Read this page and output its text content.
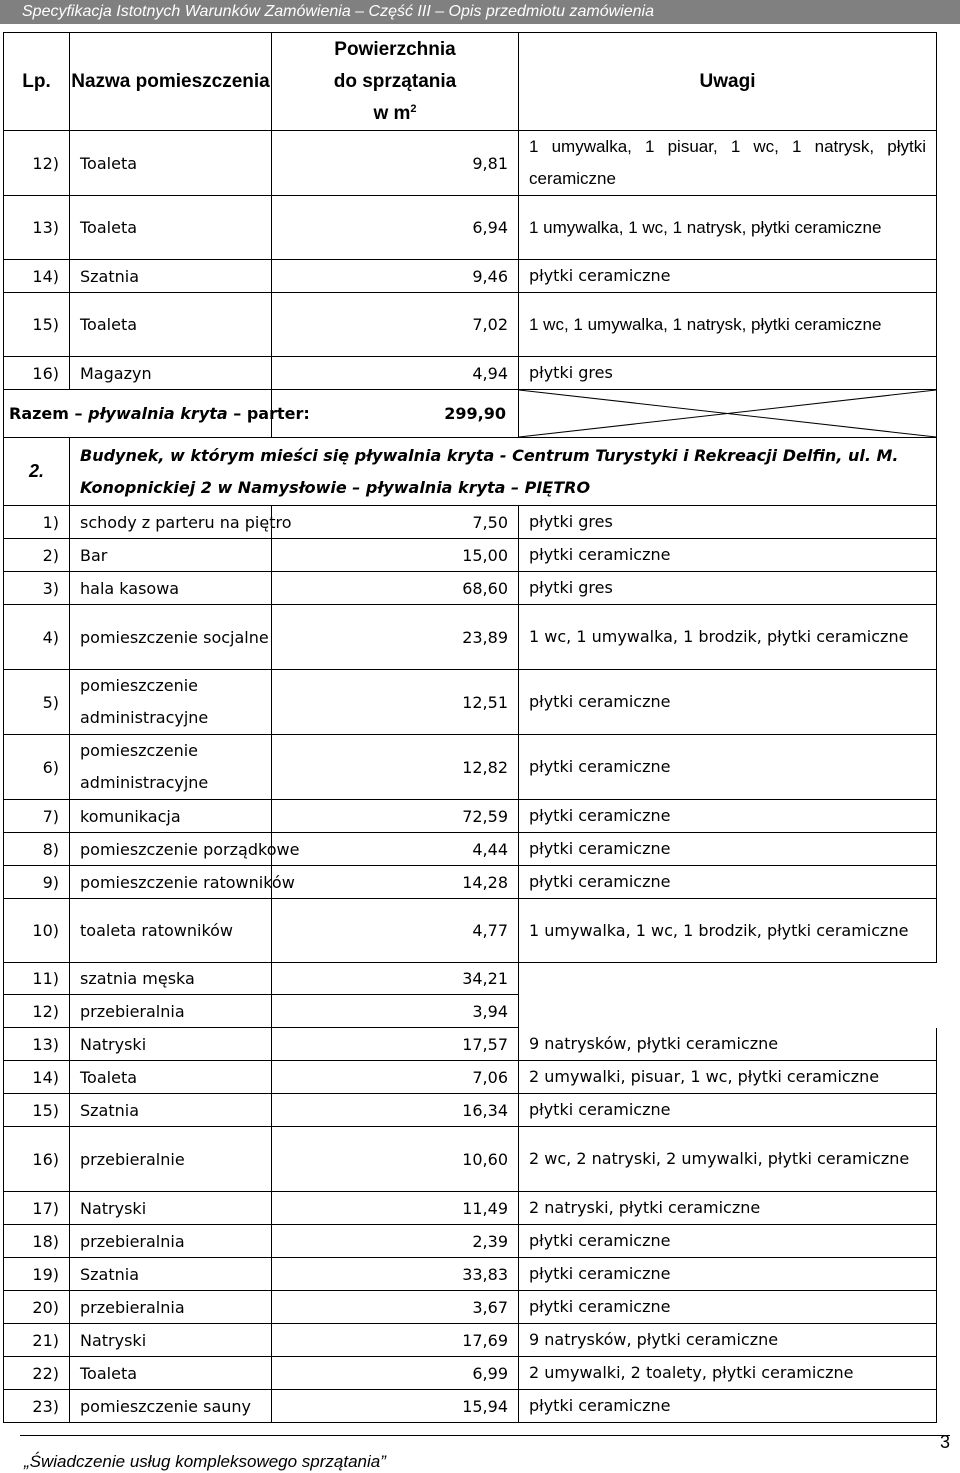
Specyfikacja Istotnych Warunków Zamówienia – Część III – Opis przedmiotu zamówienia
Lp.	Nazwa pomieszczenia	Powierzchnia
do sprzątania
w $m^2$	Uwagi
12)	Toaleta	9,81	1 umywalka, 1 pisuar, 1 wc, 1 natrysk, płytki ceramiczne
13)	Toaleta	6,94	1 umywalka, 1 wc, 1 natrysk, płytki ceramiczne
14)	Szatnia	9,46	płytki ceramiczne
15)	Toaleta	7,02	1 wc, 1 umywalka, 1 natrysk, płytki ceramiczne
16)	Magazyn	4,94	płytki gres
Razem – pływalnia kryta – parter:		299,90	

2.	Budynek, w którym mieści się pływalnia kryta - Centrum Turystyki i Rekreacji Delfin, ul. M. Konopnickiej 2 w Namysłowie – pływalnia kryta – PIĘTRO		
1)	schody z parteru na piętro	7,50	płytki gres
2)	Bar	15,00	płytki ceramiczne
3)	hala kasowa	68,60	płytki gres
4)	pomieszczenie socjalne	23,89	1 wc, 1 umywalka, 1 brodzik, płytki ceramiczne
5)	pomieszczenie administracyjne	12,51	płytki ceramiczne
6)	pomieszczenie administracyjne	12,82	płytki ceramiczne
7)	komunikacja	72,59	płytki ceramiczne
8)	pomieszczenie porządkowe	4,44	płytki ceramiczne
9)	pomieszczenie ratowników	14,28	płytki ceramiczne
10)	toaleta ratowników	4,77	1 umywalka, 1 wc, 1 brodzik, płytki ceramiczne
11)	szatnia męska	34,21	
12)	przebieralnia	3,94	
13)	Natryski	17,57	9 natrysków, płytki ceramiczne
14)	Toaleta	7,06	2 umywalki, pisuar, 1 wc, płytki ceramiczne
15)	Szatnia	16,34	płytki ceramiczne
16)	przebieralnie	10,60	2 wc, 2 natryski, 2 umywalki, płytki ceramiczne
17)	Natryski	11,49	2 natryski, płytki ceramiczne
18)	przebieralnia	2,39	płytki ceramiczne
19)	Szatnia	33,83	płytki ceramiczne
20)	przebieralnia	3,67	płytki ceramiczne
21)	Natryski	17,69	9 natrysków, płytki ceramiczne
22)	Toaleta	6,99	2 umywalki, 2 toalety, płytki ceramiczne
23)	pomieszczenie sauny	15,94	płytki ceramiczne
„Świadczenie usług kompleksowego sprzątania”
3
